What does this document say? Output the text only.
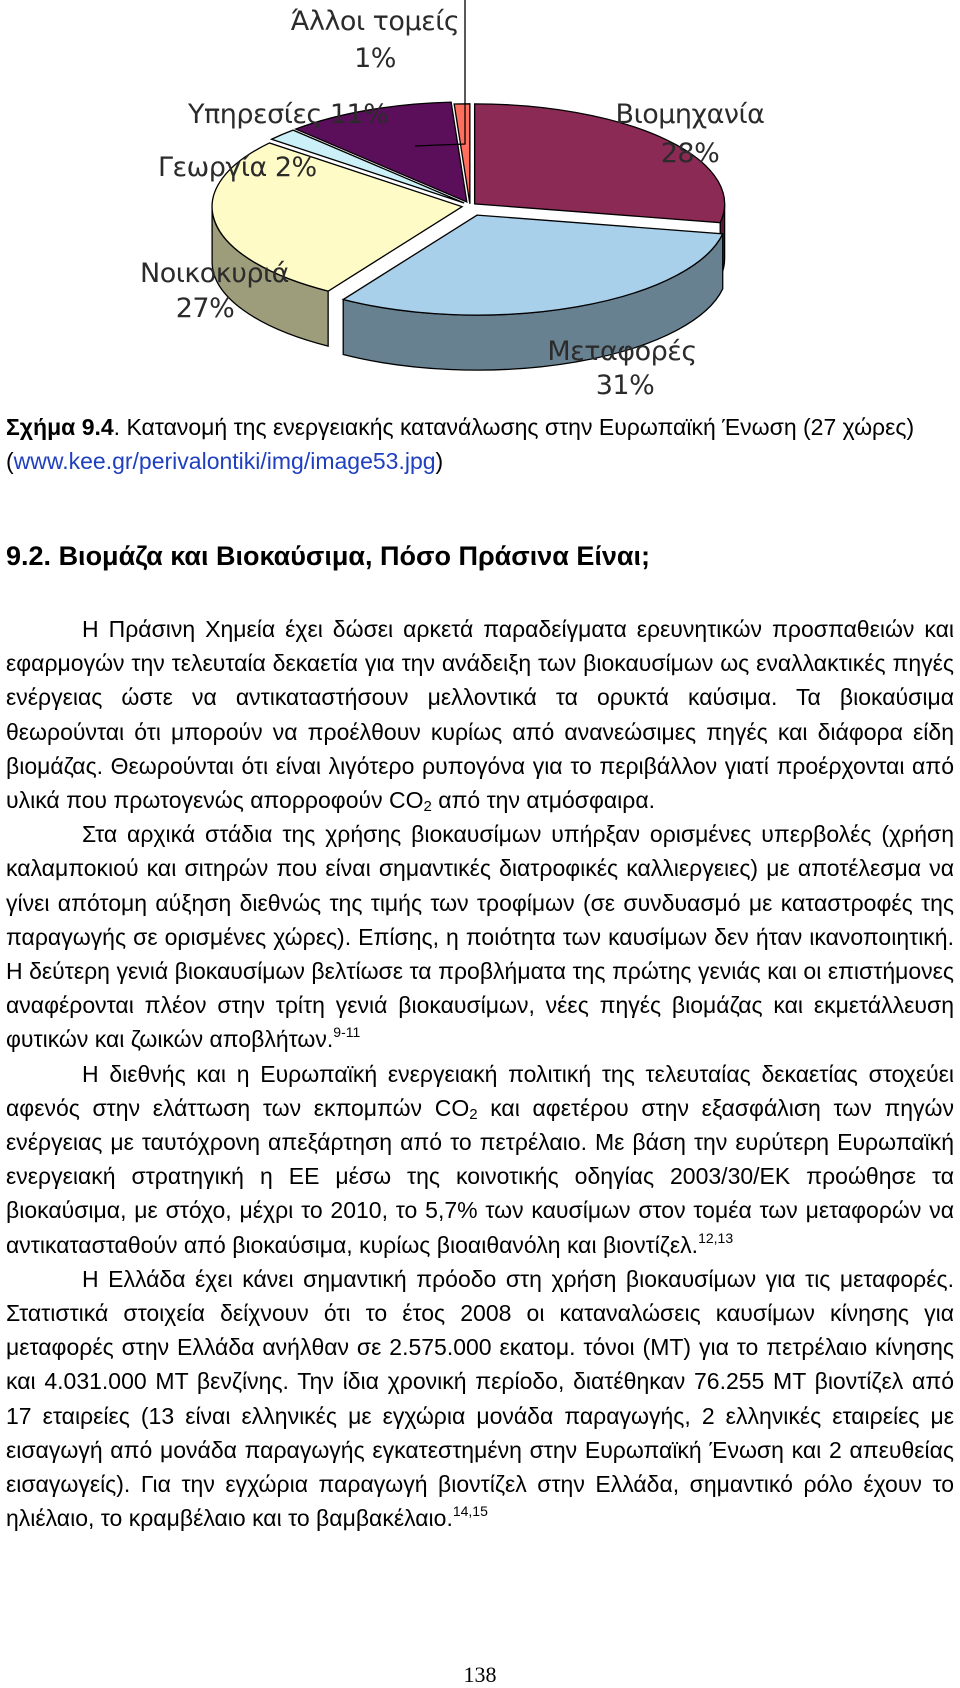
Άλλοι τομείς
1%
Υπηρεσίες 11%
Γεωργία 2%
Βιομηχανία
28%
Νοικοκυριά
27%
Μεταφορές
31%
Σχήμα 9.4. Κατανομή της ενεργειακής κατανάλωσης στην Ευρωπαϊκή Ένωση (27 χώρες) (www.kee.gr/perivalontiki/img/image53.jpg)
9.2. Βιομάζα και Βιοκαύσιμα, Πόσο Πράσινα Είναι;

Η Πράσινη Χημεία έχει δώσει αρκετά παραδείγματα ερευνητικών προσπαθειών και εφαρμογών την τελευταία δεκαετία για την ανάδειξη των βιοκαυσίμων ως εναλλακτικές πηγές ενέργειας ώστε να αντικαταστήσουν μελλοντικά τα ορυκτά καύσιμα. Τα βιοκαύσιμα θεωρούνται ότι μπορούν να προέλθουν κυρίως από ανανεώσιμες πηγές και διάφορα είδη βιομάζας. Θεωρούνται ότι είναι λιγότερο ρυπογόνα για το περιβάλλον γιατί προέρχονται από υλικά που πρωτογενώς απορροφούν $CO_2$ από την ατμόσφαιρα.

Στα αρχικά στάδια της χρήσης βιοκαυσίμων υπήρξαν ορισμένες υπερβολές (χρήση καλαμποκιού και σιτηρών που είναι σημαντικές διατροφικές καλλιεργειες) με αποτέλεσμα να γίνει απότομη αύξηση διεθνώς της τιμής των τροφίμων (σε συνδυασμό με καταστροφές της παραγωγής σε ορισμένες χώρες). Επίσης, η ποιότητα των καυσίμων δεν ήταν ικανοποιητική. Η δεύτερη γενιά βιοκαυσίμων βελτίωσε τα προβλήματα της πρώτης γενιάς και οι επιστήμονες αναφέρονται πλέον στην τρίτη γενιά βιοκαυσίμων, νέες πηγές βιομάζας και εκμετάλλευση φυτικών και ζωικών αποβλήτων.$^{9-11}$

Η διεθνής και η Ευρωπαϊκή ενεργειακή πολιτική της τελευταίας δεκαετίας στοχεύει αφενός στην ελάττωση των εκπομπών $CO_2$ και αφετέρου στην εξασφάλιση των πηγών ενέργειας με ταυτόχρονη απεξάρτηση από το πετρέλαιο. Με βάση την ευρύτερη Ευρωπαϊκή ενεργειακή στρατηγική η ΕΕ μέσω της κοινοτικής οδηγίας 2003/30/ΕΚ προώθησε τα βιοκαύσιμα, με στόχο, μέχρι το 2010, το 5,7% των καυσίμων στον τομέα των μεταφορών να αντικατασταθούν από βιοκαύσιμα, κυρίως βιοαιθανόλη και βιοντίζελ.$^{12,13}$

Η Ελλάδα έχει κάνει σημαντική πρόοδο στη χρήση βιοκαυσίμων για τις μεταφορές. Στατιστικά στοιχεία δείχνουν ότι το έτος 2008 οι καταναλώσεις καυσίμων κίνησης για μεταφορές στην Ελλάδα ανήλθαν σε 2.575.000 εκατομ. τόνοι (ΜΤ) για το πετρέλαιο κίνησης και 4.031.000 ΜΤ βενζίνης. Την ίδια χρονική περίοδο, διατέθηκαν 76.255 ΜΤ βιοντίζελ από 17 εταιρείες (13 είναι ελληνικές με εγχώρια μονάδα παραγωγής, 2 ελληνικές εταιρείες με εισαγωγή από μονάδα παραγωγής εγκατεστημένη στην Ευρωπαϊκή Ένωση και 2 απευθείας εισαγωγείς). Για την εγχώρια παραγωγή βιοντίζελ στην Ελλάδα, σημαντικό ρόλο έχουν το ηλιέλαιο, το κραμβέλαιο και το βαμβακέλαιο.$^{14,15}$

138
